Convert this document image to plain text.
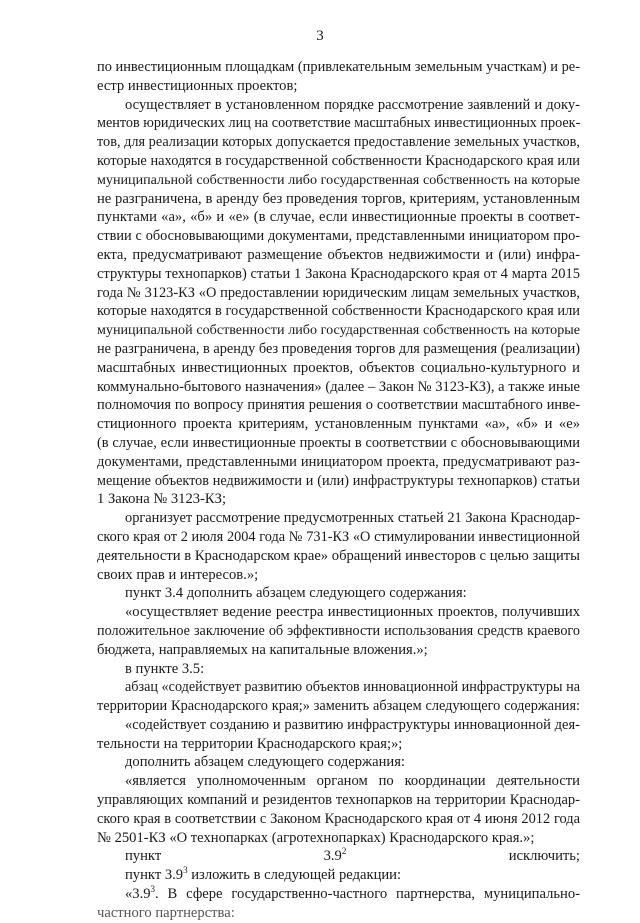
3
по инвестиционным площадкам (привлекательным земельным участкам) и ре-
естр инвестиционных проектов;
осуществляет в установленном порядке рассмотрение заявлений и доку-
ментов юридических лиц на соответствие масштабных инвестиционных проек-
тов, для реализации которых допускается предоставление земельных участков,
которые находятся в государственной собственности Краснодарского края или
муниципальной собственности либо государственная собственность на которые
не разграничена, в аренду без проведения торгов, критериям, установленным
пунктами «а», «б» и «е» (в случае, если инвестиционные проекты в соответ-
ствии с обосновывающими документами, представленными инициатором про-
екта, предусматривают размещение объектов недвижимости и (или) инфра-
структуры технопарков) статьи 1 Закона Краснодарского края от 4 марта 2015
года № 3123-КЗ «О предоставлении юридическим лицам земельных участков,
которые находятся в государственной собственности Краснодарского края или
муниципальной собственности либо государственная собственность на которые
не разграничена, в аренду без проведения торгов для размещения (реализации)
масштабных инвестиционных проектов, объектов социально-культурного и
коммунально-бытового назначения» (далее – Закон № 3123-КЗ), а также иные
полномочия по вопросу принятия решения о соответствии масштабного инве-
стиционного проекта критериям, установленным пунктами «а», «б» и «е»
(в случае, если инвестиционные проекты в соответствии с обосновывающими
документами, представленными инициатором проекта, предусматривают раз-
мещение объектов недвижимости и (или) инфраструктуры технопарков) статьи
1 Закона № 3123-КЗ;
организует рассмотрение предусмотренных статьей 21 Закона Краснодар-
ского края от 2 июля 2004 года № 731-КЗ «О стимулировании инвестиционной
деятельности в Краснодарском крае» обращений инвесторов с целью защиты
своих прав и интересов.»;
пункт 3.4 дополнить абзацем следующего содержания:
«осуществляет ведение реестра инвестиционных проектов, получивших
положительное заключение об эффективности использования средств краевого
бюджета, направляемых на капитальные вложения.»;
в пункте 3.5:
абзац «содействует развитию объектов инновационной инфраструктуры на
территории Краснодарского края;» заменить абзацем следующего содержания:
«содействует созданию и развитию инфраструктуры инновационной дея-
тельности на территории Краснодарского края;»;
дополнить абзацем следующего содержания:
«является уполномоченным органом по координации деятельности
управляющих компаний и резидентов технопарков на территории Краснодар-
ского края в соответствии с Законом Краснодарского края от 4 июня 2012 года
№ 2501-КЗ «О технопарках (агротехнопарках) Краснодарского края.»;
пункт $3.9^2$ исключить;
пункт $3.9^3$ изложить в следующей редакции:
«$3.9^3$. В сфере государственно-частного партнерства, муниципально-
частного партнерства:
